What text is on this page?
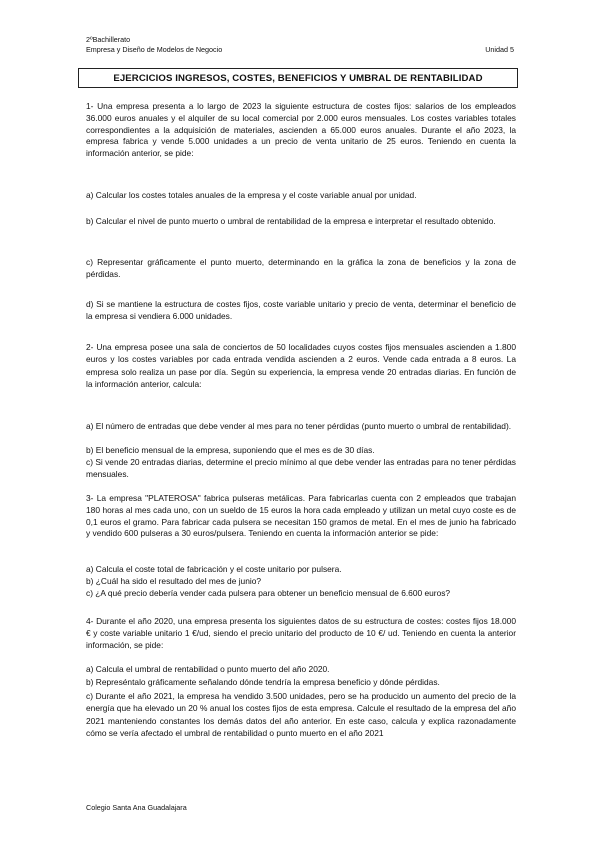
2ºBachillerato
Empresa y Diseño de Modelos de Negocio	Unidad 5
EJERCICIOS INGRESOS, COSTES, BENEFICIOS Y UMBRAL DE RENTABILIDAD
1- Una empresa presenta a lo largo de 2023 la siguiente estructura de costes fijos: salarios de los empleados 36.000 euros anuales y el alquiler de su local comercial por 2.000 euros mensuales. Los costes variables totales correspondientes a la adquisición de materiales, ascienden a 65.000 euros anuales. Durante el año 2023, la empresa fabrica y vende 5.000 unidades a un precio de venta unitario de 25 euros. Teniendo en cuenta la información anterior, se pide:
a) Calcular los costes totales anuales de la empresa y el coste variable anual por unidad.
b) Calcular el nivel de punto muerto o umbral de rentabilidad de la empresa e interpretar el resultado obtenido.
c) Representar gráficamente el punto muerto, determinando en la gráfica la zona de beneficios y la zona de pérdidas.
d) Si se mantiene la estructura de costes fijos, coste variable unitario y precio de venta, determinar el beneficio de la empresa si vendiera 6.000 unidades.
2- Una empresa posee una sala de conciertos de 50 localidades cuyos costes fijos mensuales ascienden a 1.800 euros y los costes variables por cada entrada vendida ascienden a 2 euros. Vende cada entrada a 8 euros. La empresa solo realiza un pase por día. Según su experiencia, la empresa vende 20 entradas diarias. En función de la información anterior, calcula:
a) El número de entradas que debe vender al mes para no tener pérdidas (punto muerto o umbral de rentabilidad).
b) El beneficio mensual de la empresa, suponiendo que el mes es de 30 días.
c) Si vende 20 entradas diarias, determine el precio mínimo al que debe vender las entradas para no tener pérdidas mensuales.
3- La empresa "PLATEROSA" fabrica pulseras metálicas. Para fabricarlas cuenta con 2 empleados que trabajan 180 horas al mes cada uno, con un sueldo de 15 euros la hora cada empleado y utilizan un metal cuyo coste es de 0,1 euros el gramo. Para fabricar cada pulsera se necesitan 150 gramos de metal. En el mes de junio ha fabricado y vendido 600 pulseras a 30 euros/pulsera. Teniendo en cuenta la información anterior se pide:
a) Calcula el coste total de fabricación y el coste unitario por pulsera.
b) ¿Cuál ha sido el resultado del mes de junio?
c) ¿A qué precio debería vender cada pulsera para obtener un beneficio mensual de 6.600 euros?
4- Durante el año 2020, una empresa presenta los siguientes datos de su estructura de costes: costes fijos 18.000 € y coste variable unitario 1 €/ud, siendo el precio unitario del producto de 10 €/ ud. Teniendo en cuenta la anterior información, se pide:
a) Calcula el umbral de rentabilidad o punto muerto del año 2020.
b) Represéntalo gráficamente señalando dónde tendría la empresa beneficio y dónde pérdidas.
c) Durante el año 2021, la empresa ha vendido 3.500 unidades, pero se ha producido un aumento del precio de la energía que ha elevado un 20 % anual los costes fijos de esta empresa. Calcule el resultado de la empresa del año 2021 manteniendo constantes los demás datos del año anterior. En este caso, calcula y explica razonadamente cómo se vería afectado el umbral de rentabilidad o punto muerto en el año 2021
Colegio Santa Ana Guadalajara
